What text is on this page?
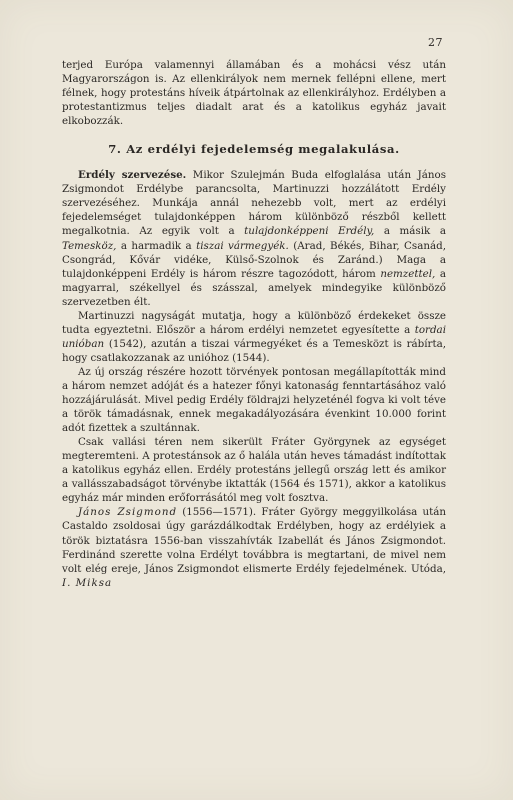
27

terjed Európa valamennyi államában és a mohácsi vész után Magyarországon is. Az ellenkirályok nem mernek fellépni ellene, mert félnek, hogy protestáns híveik átpártolnak az ellenkirályhoz. Erdélyben a protestantizmus teljes diadalt arat és a katolikus egyház javait elkobozzák.

7. Az erdélyi fejedelemség megalakulása.

Erdély szervezése. Mikor Szulejmán Buda elfoglalása után János Zsigmondot Erdélybe parancsolta, Martinuzzi hozzálátott Erdély szervezéséhez. Munkája annál nehezebb volt, mert az erdélyi fejedelemséget tulajdonképpen három különböző részből kellett megalkotnia. Az egyik volt a tulajdonképpeni Erdély, a másik a Temesköz, a harmadik a tiszai vármegyék. (Arad, Békés, Bihar, Csanád, Csongrád, Kővár vidéke, Külső-Szolnok és Zaránd.) Maga a tulajdonképpeni Erdély is három részre tagozódott, három nemzettel, a magyarral, székellyel és szásszal, amelyek mindegyike különböző szervezetben élt.

Martinuzzi nagyságát mutatja, hogy a különböző érdekeket össze tudta egyeztetni. Először a három erdélyi nemzetet egyesítette a tordai unióban (1542), azután a tiszai vármegyéket és a Temesközt is rábírta, hogy csatlakozzanak az unióhoz (1544).

Az új ország részére hozott törvények pontosan megállapították mind a három nemzet adóját és a hatezer főnyi katonaság fenntartásához való hozzájárulását. Mivel pedig Erdély földrajzi helyzeténél fogva ki volt téve a török támadásnak, ennek megakadályozására évenkint 10.000 forint adót fizettek a szultánnak.

Csak vallási téren nem sikerült Fráter Györgynek az egységet megteremteni. A protestánsok az ő halála után heves támadást indítottak a katolikus egyház ellen. Erdély protestáns jellegű ország lett és amikor a vallásszabadságot törvénybe iktatták (1564 és 1571), akkor a katolikus egyház már minden erőforrásától meg volt fosztva.

János Zsigmond (1556—1571). Fráter György meggyilkolása után Castaldo zsoldosai úgy garázdálkodtak Erdélyben, hogy az erdélyiek a török biztatásra 1556-ban visszahívták Izabellát és János Zsigmondot. Ferdinánd szerette volna Erdélyt továbbra is megtartani, de mivel nem volt elég ereje, János Zsigmondot elismerte Erdély fejedelmének. Utóda, I. Miksa
